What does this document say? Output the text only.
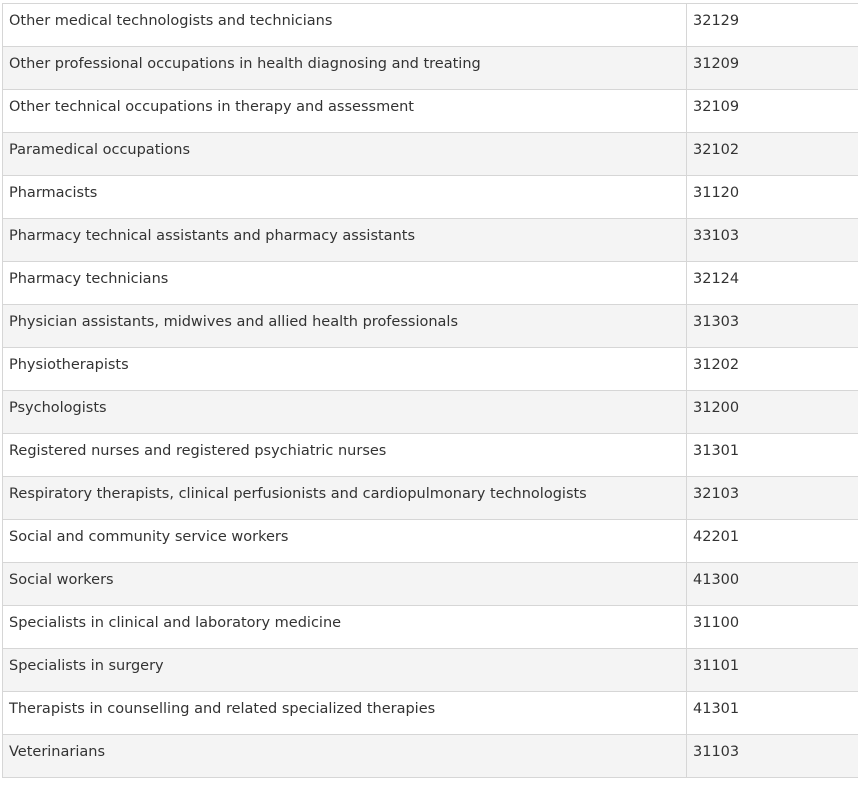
Other medical technologists and technicians	32129
Other professional occupations in health diagnosing and treating	31209
Other technical occupations in therapy and assessment	32109
Paramedical occupations	32102
Pharmacists	31120
Pharmacy technical assistants and pharmacy assistants	33103
Pharmacy technicians	32124
Physician assistants, midwives and allied health professionals	31303
Physiotherapists	31202
Psychologists	31200
Registered nurses and registered psychiatric nurses	31301
Respiratory therapists, clinical perfusionists and cardiopulmonary technologists	32103
Social and community service workers	42201
Social workers	41300
Specialists in clinical and laboratory medicine	31100
Specialists in surgery	31101
Therapists in counselling and related specialized therapies	41301
Veterinarians	31103
